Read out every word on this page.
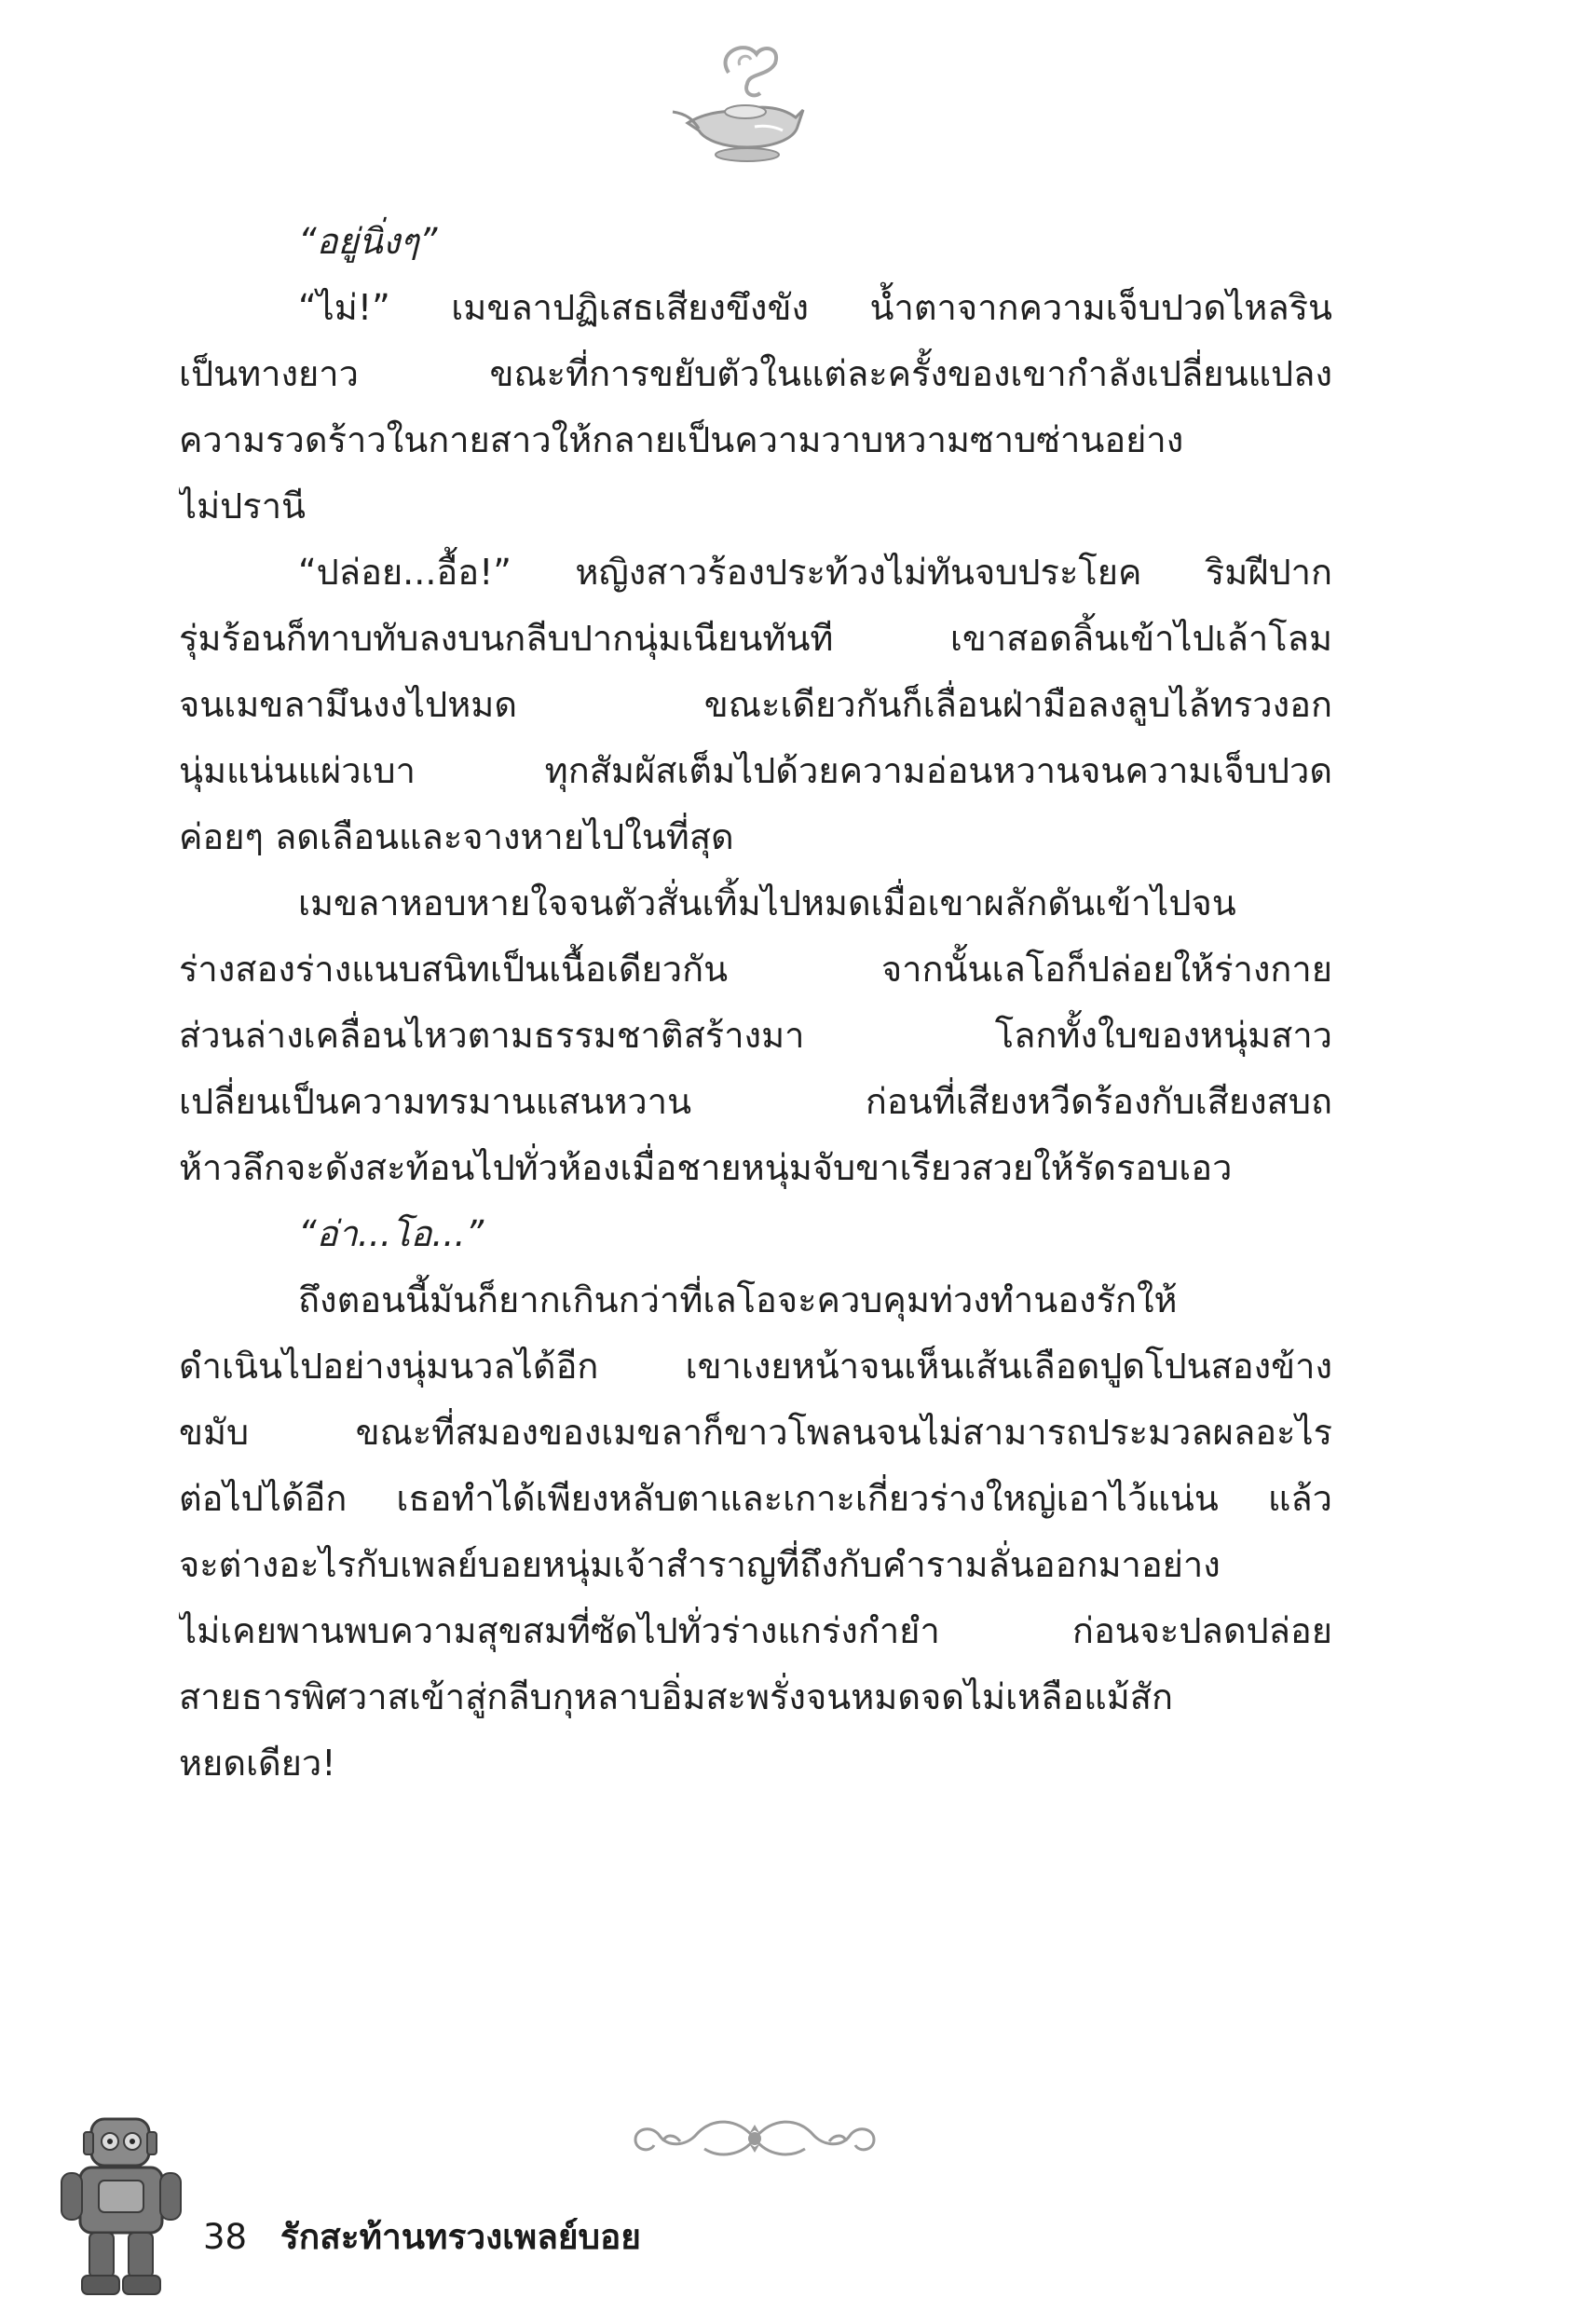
“อยู่นิ่งๆ”
“ไม่!” เมขลาปฏิเสธเสียงขึงขัง น้ำตาจากความเจ็บปวดไหลริน
เป็นทางยาว ขณะที่การขยับตัวในแต่ละครั้งของเขากำลังเปลี่ยนแปลง
ความรวดร้าวในกายสาวให้กลายเป็นความวาบหวามซาบซ่านอย่าง
ไม่ปรานี
“ปล่อย...อื้อ!” หญิงสาวร้องประท้วงไม่ทันจบประโยค ริมฝีปาก
รุ่มร้อนก็ทาบทับลงบนกลีบปากนุ่มเนียนทันที เขาสอดลิ้นเข้าไปเล้าโลม
จนเมขลามึนงงไปหมด ขณะเดียวกันก็เลื่อนฝ่ามือลงลูบไล้ทรวงอก
นุ่มแน่นแผ่วเบา ทุกสัมผัสเต็มไปด้วยความอ่อนหวานจนความเจ็บปวด
ค่อยๆ ลดเลือนและจางหายไปในที่สุด
เมขลาหอบหายใจจนตัวสั่นเทิ้มไปหมดเมื่อเขาผลักดันเข้าไปจน
ร่างสองร่างแนบสนิทเป็นเนื้อเดียวกัน จากนั้นเลโอก็ปล่อยให้ร่างกาย
ส่วนล่างเคลื่อนไหวตามธรรมชาติสร้างมา โลกทั้งใบของหนุ่มสาว
เปลี่ยนเป็นความทรมานแสนหวาน ก่อนที่เสียงหวีดร้องกับเสียงสบถ
ห้าวลึกจะดังสะท้อนไปทั่วห้องเมื่อชายหนุ่มจับขาเรียวสวยให้รัดรอบเอว
“อ่า...โอ...”
ถึงตอนนี้มันก็ยากเกินกว่าที่เลโอจะควบคุมท่วงทำนองรักให้
ดำเนินไปอย่างนุ่มนวลได้อีก เขาเงยหน้าจนเห็นเส้นเลือดปูดโปนสองข้าง
ขมับ ขณะที่สมองของเมขลาก็ขาวโพลนจนไม่สามารถประมวลผลอะไร
ต่อไปได้อีก เธอทำได้เพียงหลับตาและเกาะเกี่ยวร่างใหญ่เอาไว้แน่น แล้ว
จะต่างอะไรกับเพลย์บอยหนุ่มเจ้าสำราญที่ถึงกับคำรามลั่นออกมาอย่าง
ไม่เคยพานพบความสุขสมที่ซัดไปทั่วร่างแกร่งกำยำ ก่อนจะปลดปล่อย
สายธารพิศวาสเข้าสู่กลีบกุหลาบอิ่มสะพรั่งจนหมดจดไม่เหลือแม้สัก
หยดเดียว!
38 รักสะท้านทรวงเพลย์บอย
